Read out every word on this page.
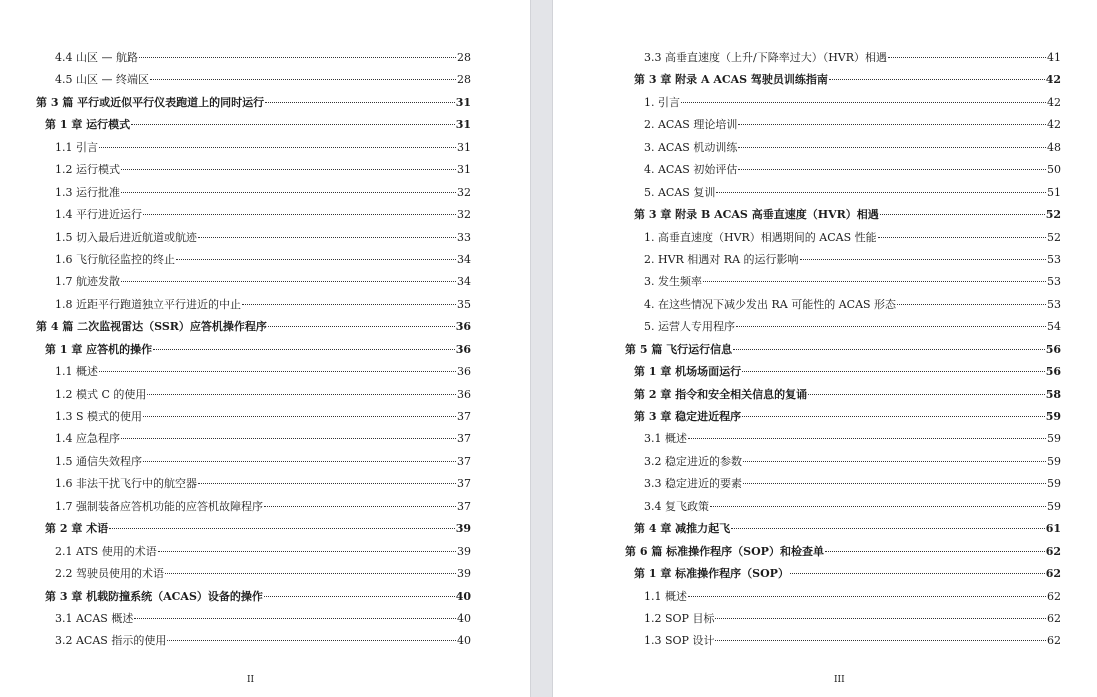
4.4 山区 — 航路	28
4.5 山区 — 终端区	28
第 3 篇 平行或近似平行仪表跑道上的同时运行	31
第 1 章 运行模式	31
1.1 引言	31
1.2 运行模式	31
1.3 运行批准	32
1.4 平行进近运行	32
1.5 切入最后进近航道或航迹	33
1.6 飞行航径监控的终止	34
1.7 航迹发散	34
1.8 近距平行跑道独立平行进近的中止	35
第 4 篇 二次监视雷达（SSR）应答机操作程序	36
第 1 章 应答机的操作	36
1.1 概述	36
1.2 模式 C 的使用	36
1.3 S 模式的使用	37
1.4 应急程序	37
1.5 通信失效程序	37
1.6 非法干扰飞行中的航空器	37
1.7 强制装备应答机功能的应答机故障程序	37
第 2 章 术语	39
2.1 ATS 使用的术语	39
2.2 驾驶员使用的术语	39
第 3 章 机载防撞系统（ACAS）设备的操作	40
3.1 ACAS 概述	40
3.2 ACAS 指示的使用	40
II
3.3 高垂直速度（上升/下降率过大）（HVR）相遇	41
第 3 章 附录 A ACAS 驾驶员训练指南	42
1. 引言	42
2. ACAS 理论培训	42
3. ACAS 机动训练	48
4. ACAS 初始评估	50
5. ACAS 复训	51
第 3 章 附录 B ACAS 高垂直速度（HVR）相遇	52
1. 高垂直速度（HVR）相遇期间的 ACAS 性能	52
2. HVR 相遇对 RA 的运行影响	53
3. 发生频率	53
4. 在这些情况下减少发出 RA 可能性的 ACAS 形态	53
5. 运营人专用程序	54
第 5 篇 飞行运行信息	56
第 1 章 机场场面运行	56
第 2 章 指令和安全相关信息的复诵	58
第 3 章 稳定进近程序	59
3.1 概述	59
3.2 稳定进近的参数	59
3.3 稳定进近的要素	59
3.4 复飞政策	59
第 4 章 减推力起飞	61
第 6 篇 标准操作程序（SOP）和检查单	62
第 1 章 标准操作程序（SOP）	62
1.1 概述	62
1.2 SOP 目标	62
1.3 SOP 设计	62
III
